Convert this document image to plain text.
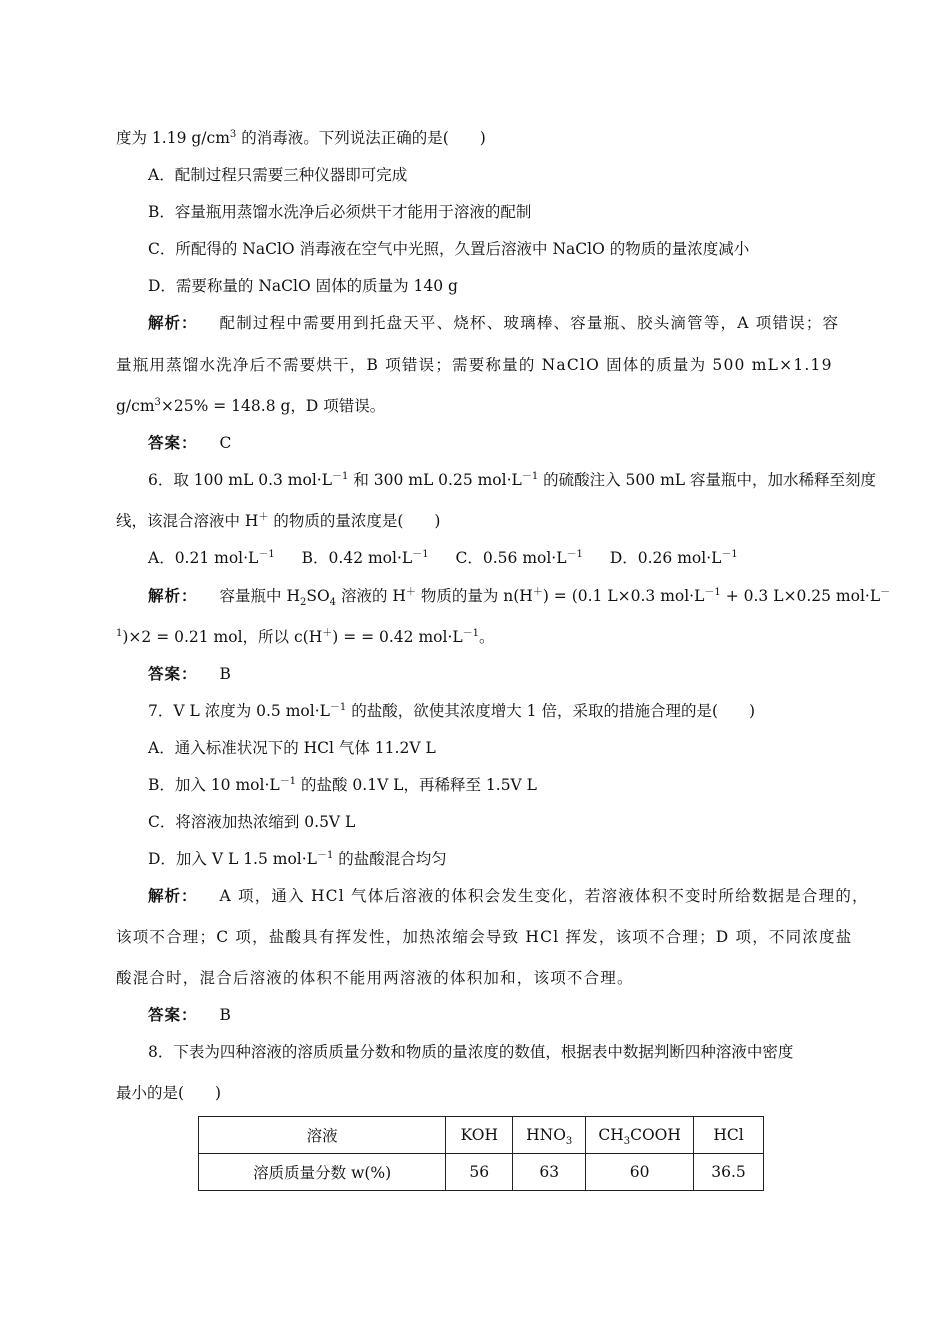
度为 1.19 $g/cm^3$ 的消毒液。下列说法正确的是(　　)
A．配制过程只需要三种仪器即可完成
B．容量瓶用蒸馏水洗净后必须烘干才能用于溶液的配制
C．所配得的 NaClO 消毒液在空气中光照，久置后溶液中 NaClO 的物质的量浓度减小
D．需要称量的 NaClO 固体的质量为 140 g
解析： 配制过程中需要用到托盘天平、烧杯、玻璃棒、容量瓶、胶头滴管等，A 项错误；容
量瓶用蒸馏水洗净后不需要烘干，B 项错误；需要称量的 NaClO 固体的质量为 500 mL×1.19
$g/cm^3\times 25\% = 148.8$ g，D 项错误。
答案： C
6．取 100 mL 0.3 $mol\cdot L^{-1}$ 和 300 mL 0.25 $mol\cdot L^{-1}$ 的硫酸注入 500 mL 容量瓶中，加水稀释至刻度
线，该混合溶液中 H＋ 的物质的量浓度是(　　)
A．0.21 $mol\cdot L^{-1}$ B．0.42 $mol\cdot L^{-1}$ C．0.56 $mol\cdot L^{-1}$ D．0.26 $mol\cdot L^{-1}$
解析： 容量瓶中 $H_2SO_4$ 溶液的 H＋ 物质的量为 n(H＋) = (0.1 L×0.3 $mol\cdot L^{-1} + 0.3$ L×0.25 mol·L－
$^1$)×2 = 0.21 mol，所以 c(H＋) = = 0.42 $mol\cdot L^{-1}$。
答案： B
7．V L 浓度为 0.5 $mol\cdot L^{-1}$ 的盐酸，欲使其浓度增大 1 倍，采取的措施合理的是(　　)
A．通入标准状况下的 HCl 气体 11.2V L
B．加入 10 $mol\cdot L^{-1}$ 的盐酸 0.1V L，再稀释至 1.5V L
C．将溶液加热浓缩到 0.5V L
D．加入 V L 1.5 $mol\cdot L^{-1}$ 的盐酸混合均匀
解析： A 项，通入 HCl 气体后溶液的体积会发生变化，若溶液体积不变时所给数据是合理的，
该项不合理；C 项，盐酸具有挥发性，加热浓缩会导致 HCl 挥发，该项不合理；D 项，不同浓度盐
酸混合时，混合后溶液的体积不能用两溶液的体积加和，该项不合理。
答案： B
8．下表为四种溶液的溶质质量分数和物质的量浓度的数值，根据表中数据判断四种溶液中密度
最小的是(　　)
溶液	KOH	$HNO_3$	$CH_3COOH$	HCl
溶质质量分数 w(%)	56	63	60	36.5
